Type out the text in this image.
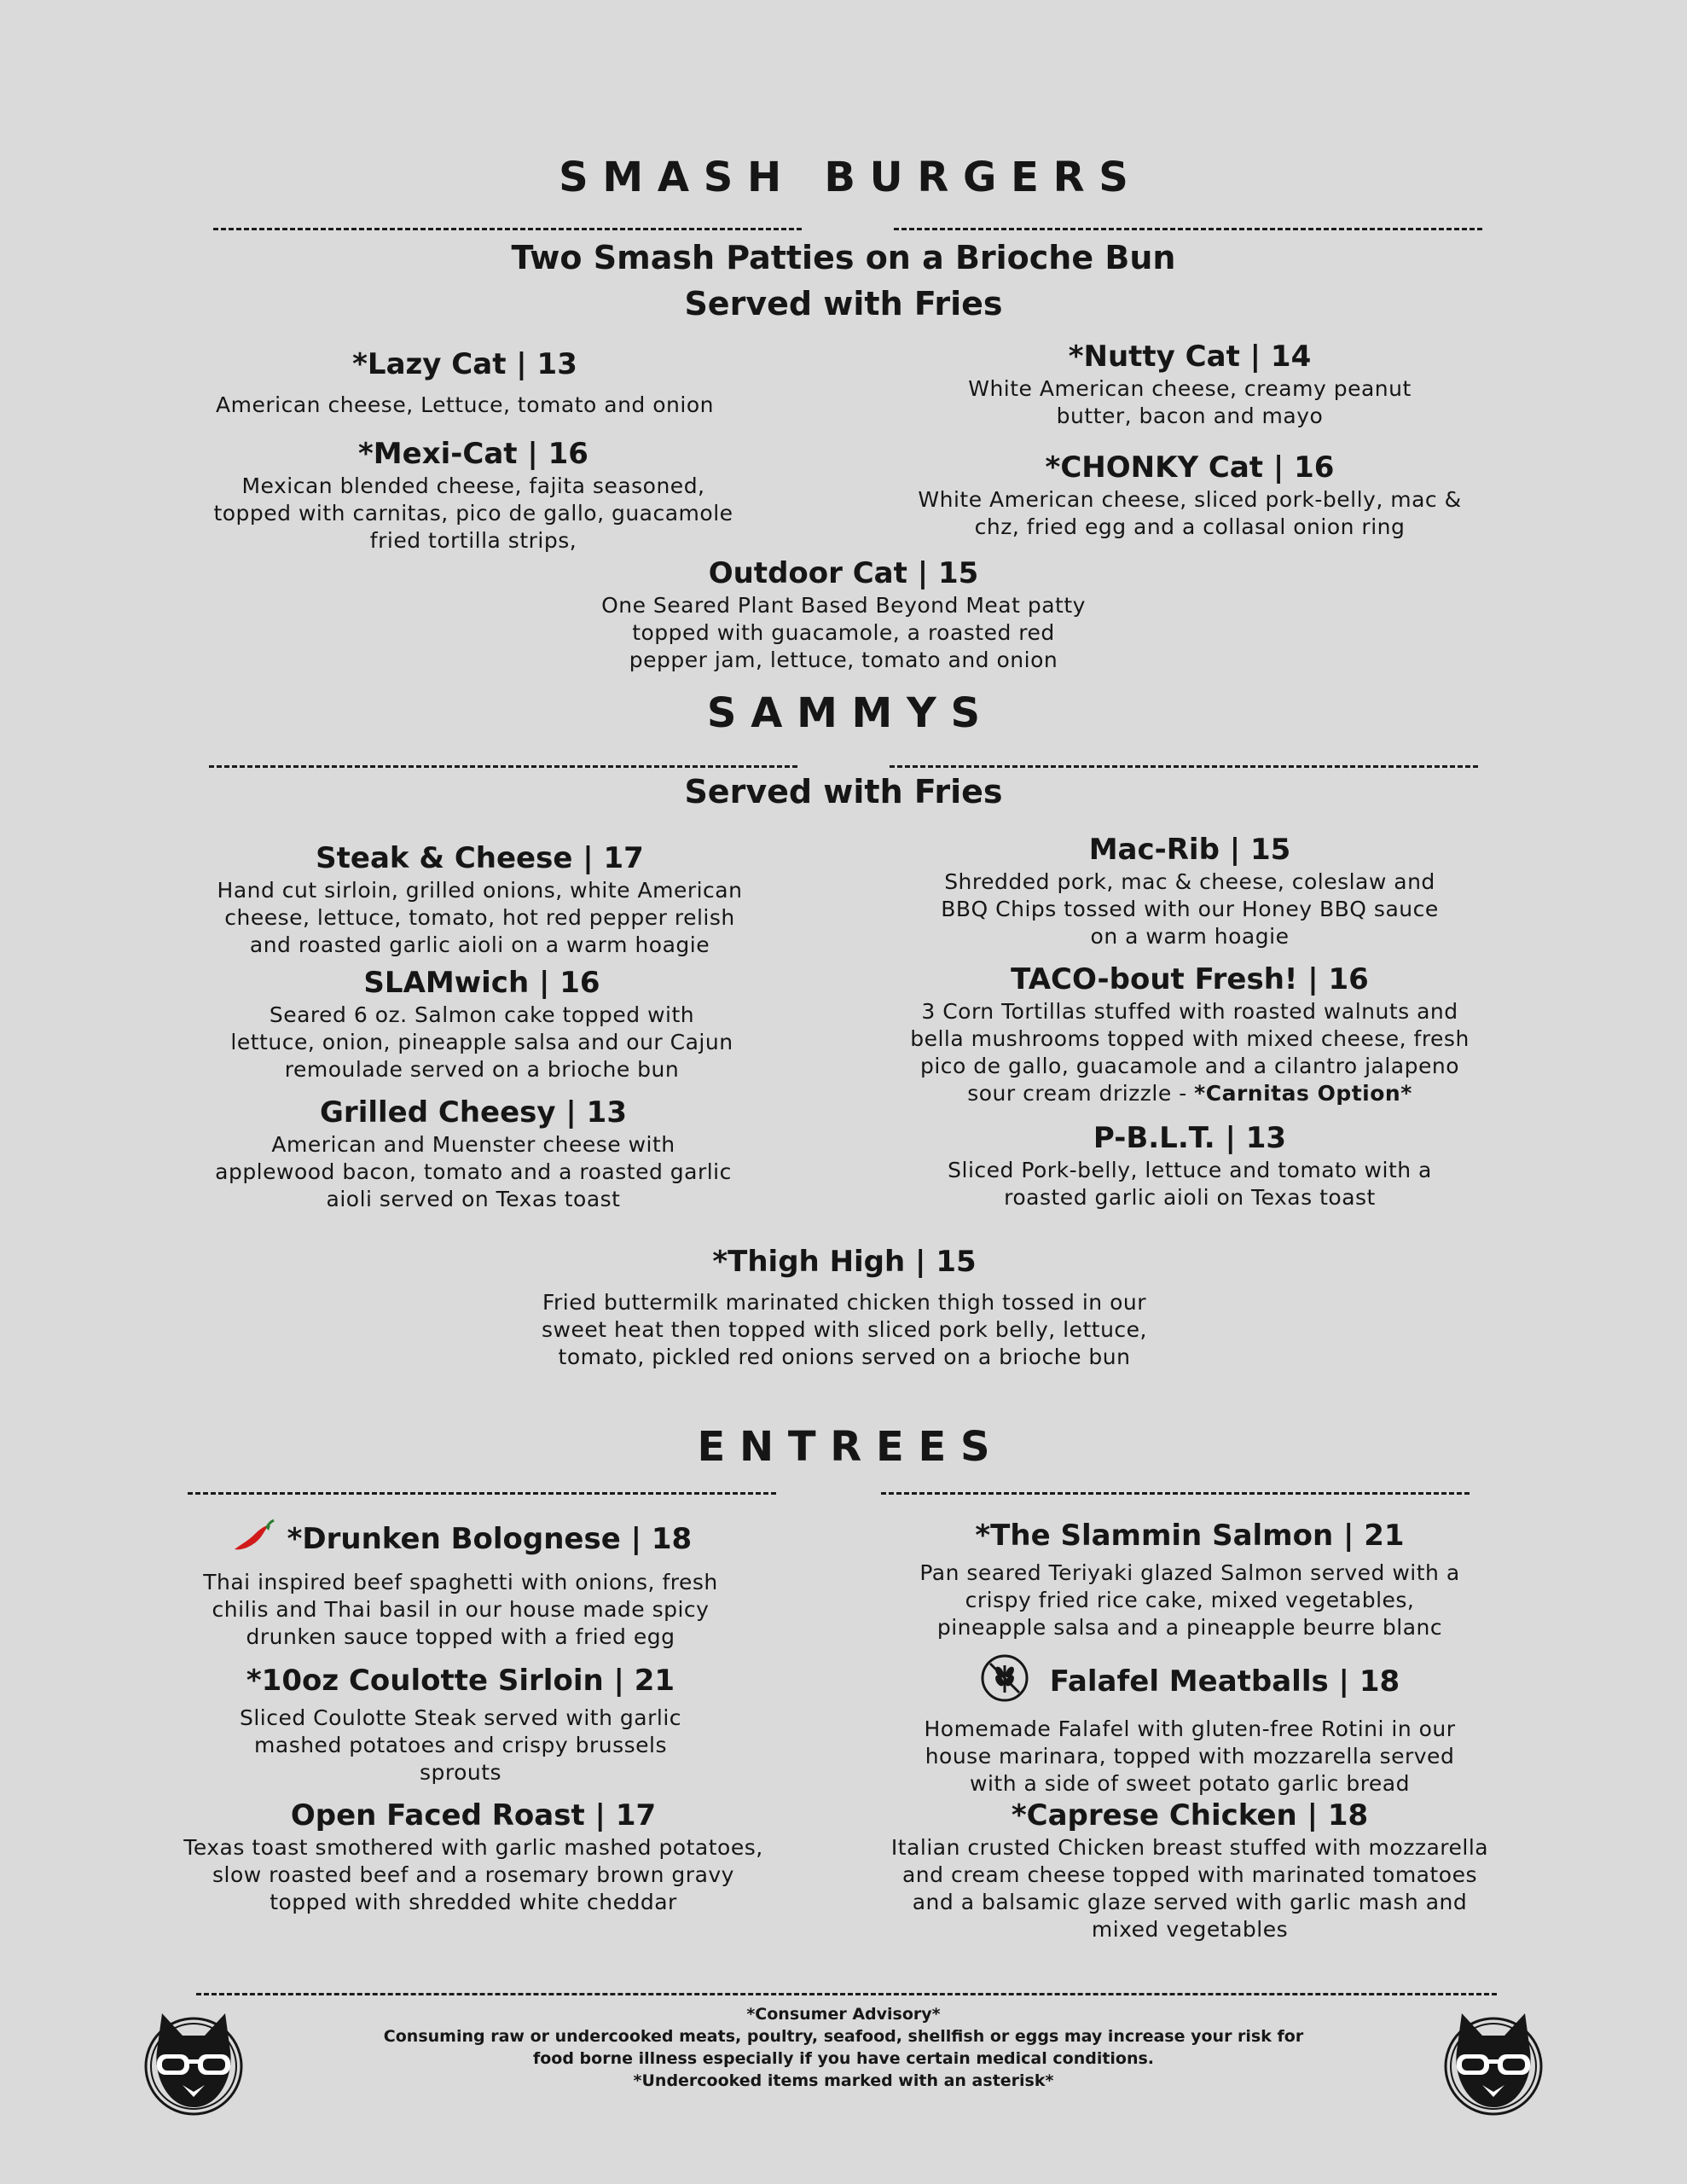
S M A S H   B U R G E R S
Two Smash Patties on a Brioche Bun
Served with Fries
*Lazy Cat | 13
American cheese, Lettuce, tomato and onion
*Nutty Cat | 14
White American cheese, creamy peanut butter, bacon and mayo
*Mexi-Cat | 16
Mexican blended cheese, fajita seasoned, topped with carnitas, pico de gallo, guacamole fried tortilla strips,
*CHONKY Cat | 16
White American cheese, sliced pork-belly, mac & chz, fried egg and a collasal onion ring
Outdoor Cat | 15
One Seared Plant Based Beyond Meat patty topped with guacamole, a roasted red pepper jam, lettuce, tomato and onion
S A M M Y S
Served with Fries
Steak & Cheese | 17
Hand cut sirloin, grilled onions, white American cheese, lettuce, tomato, hot red pepper relish and roasted garlic aioli on a warm hoagie
Mac-Rib | 15
Shredded pork, mac & cheese, coleslaw and BBQ Chips tossed with our Honey BBQ sauce on a warm hoagie
SLAMwich | 16
Seared 6 oz. Salmon cake topped with lettuce, onion, pineapple salsa and our Cajun remoulade served on a brioche bun
TACO-bout Fresh! | 16
3 Corn Tortillas stuffed with roasted walnuts and bella mushrooms topped with mixed cheese, fresh pico de gallo, guacamole and a cilantro jalapeno sour cream drizzle - *Carnitas Option*
Grilled Cheesy | 13
American and Muenster cheese with applewood bacon, tomato and a roasted garlic aioli served on Texas toast
P-B.L.T. | 13
Sliced Pork-belly, lettuce and tomato with a roasted garlic aioli on Texas toast
*Thigh High | 15
Fried buttermilk marinated chicken thigh tossed in our sweet heat then topped with sliced pork belly, lettuce, tomato, pickled red onions served on a brioche bun
E N T R E E S
*Drunken Bolognese | 18
Thai inspired beef spaghetti with onions, fresh chilis and Thai basil in our house made spicy drunken sauce topped with a fried egg
*The Slammin Salmon | 21
Pan seared Teriyaki glazed Salmon served with a crispy fried rice cake, mixed vegetables, pineapple salsa and a pineapple beurre blanc
*10oz Coulotte Sirloin | 21
Sliced Coulotte Steak served with garlic mashed potatoes and crispy brussels sprouts
Falafel Meatballs | 18
Homemade Falafel with gluten-free Rotini in our house marinara, topped with mozzarella served with a side of sweet potato garlic bread
Open Faced Roast | 17
Texas toast smothered with garlic mashed potatoes, slow roasted beef and a rosemary brown gravy topped with shredded white cheddar
*Caprese Chicken | 18
Italian crusted Chicken breast stuffed with mozzarella and cream cheese topped with marinated tomatoes and a balsamic glaze served with garlic mash and mixed vegetables
*Consumer Advisory*
Consuming raw or undercooked meats, poultry, seafood, shellfish or eggs may increase your risk for
food borne illness especially if you have certain medical conditions.
*Undercooked items marked with an asterisk*
